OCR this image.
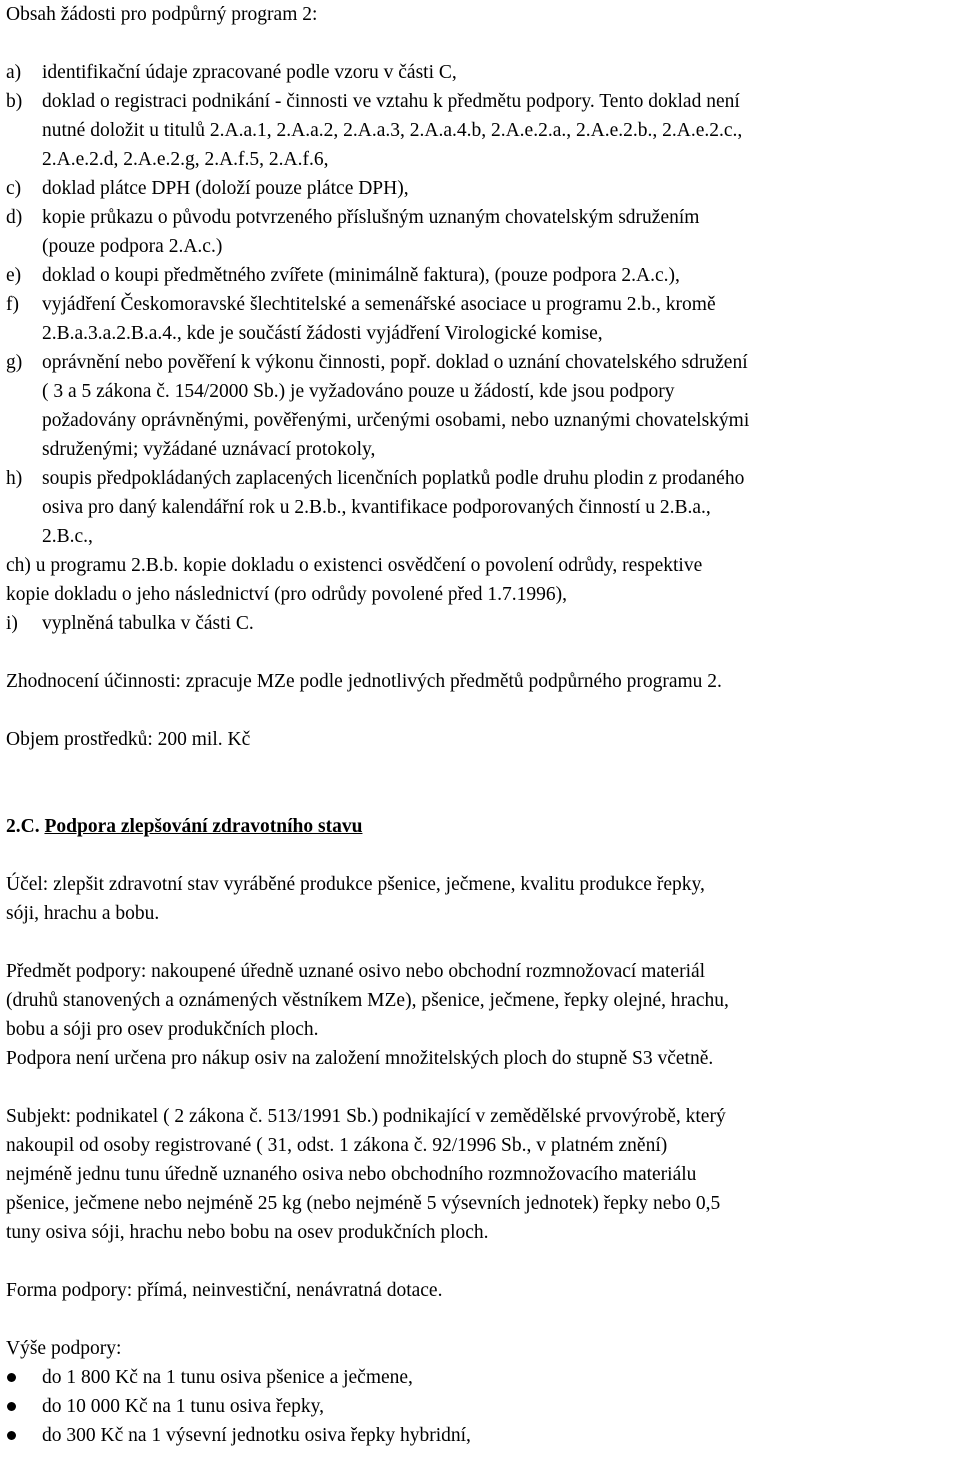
Obsah žádosti pro podpůrný program 2:
a)	identifikační údaje zpracované podle vzoru v části C,
b)	doklad o registraci podnikání - činnosti ve vztahu k předmětu podpory. Tento doklad není
nutné doložit u titulů 2.A.a.1, 2.A.a.2, 2.A.a.3, 2.A.a.4.b, 2.A.e.2.a., 2.A.e.2.b., 2.A.e.2.c.,
2.A.e.2.d, 2.A.e.2.g, 2.A.f.5, 2.A.f.6,
c)	doklad plátce DPH (doloží pouze plátce DPH),
d)	kopie průkazu o původu potvrzeného příslušným uznaným chovatelským sdružením
(pouze podpora 2.A.c.)
e)	doklad o koupi předmětného zvířete (minimálně faktura), (pouze podpora 2.A.c.),
f)	vyjádření Českomoravské šlechtitelské a semenářské asociace u programu 2.b., kromě
2.B.a.3.a.2.B.a.4., kde je součástí žádosti vyjádření Virologické komise,
g)	oprávnění nebo pověření k výkonu činnosti, popř. doklad o uznání chovatelského sdružení
( 3 a 5 zákona č. 154/2000 Sb.) je vyžadováno pouze u žádostí, kde jsou podpory
požadovány oprávněnými, pověřenými, určenými osobami, nebo uznanými chovatelskými
sdruženými; vyžádané uznávací protokoly,
h)	soupis předpokládaných zaplacených licenčních poplatků podle druhu plodin z prodaného
osiva pro daný kalendářní rok u 2.B.b., kvantifikace podporovaných činností u 2.B.a.,
2.B.c.,
ch) u programu 2.B.b. kopie dokladu o existenci osvědčení o povolení odrůdy, respektive
kopie dokladu o jeho následnictví (pro odrůdy povolené před 1.7.1996),
i)	vyplněná tabulka v části C.
Zhodnocení účinnosti: zpracuje MZe podle jednotlivých předmětů podpůrného programu 2.
Objem prostředků: 200 mil. Kč
2.C. Podpora zlepšování zdravotního stavu
Účel: zlepšit zdravotní stav vyráběné produkce pšenice, ječmene, kvalitu produkce řepky,
sóji, hrachu a bobu.
Předmět podpory: nakoupené úředně uznané osivo nebo obchodní rozmnožovací materiál
(druhů stanovených a oznámených věstníkem MZe), pšenice, ječmene, řepky olejné, hrachu,
bobu a sóji pro osev produkčních ploch.
Podpora není určena pro nákup osiv na založení množitelských ploch do stupně S3 včetně.
Subjekt: podnikatel ( 2 zákona č. 513/1991 Sb.) podnikající v zemědělské prvovýrobě, který
nakoupil od osoby registrované ( 31, odst. 1 zákona č. 92/1996 Sb., v platném znění)
nejméně jednu tunu úředně uznaného osiva nebo obchodního rozmnožovacího materiálu
pšenice, ječmene nebo nejméně 25 kg (nebo nejméně 5 výsevních jednotek) řepky nebo 0,5
tuny osiva sóji, hrachu nebo bobu na osev produkčních ploch.
Forma podpory: přímá, neinvestiční, nenávratná dotace.
Výše podpory:
do 1 800 Kč na 1 tunu osiva pšenice a ječmene,
do 10 000 Kč na 1 tunu osiva řepky,
do 300 Kč na 1 výsevní jednotku osiva řepky hybridní,
